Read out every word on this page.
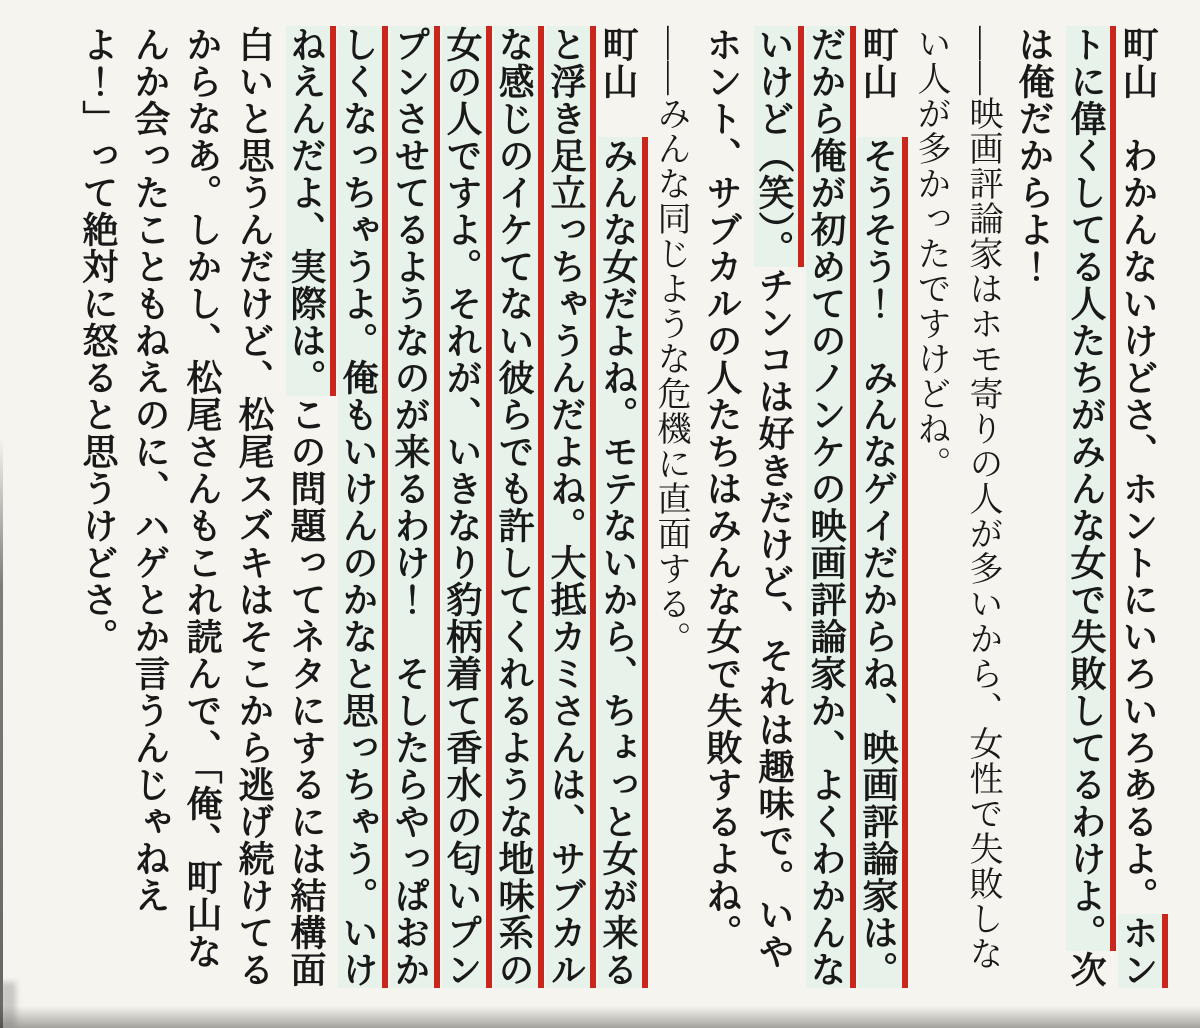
町山　わかんないけどさ、ホントにいろいろあるよ。ホントに偉くしてる人たちがみんな女で失敗してるわけよ。次は俺だからよ！

――映画評論家はホモ寄りの人が多いから、女性で失敗しない人が多かったですけどね。

町山　そうそう！　みんなゲイだからね、映画評論家は。だから俺が初めてのノンケの映画評論家か、よくわかんないけど（笑）。チンコは好きだけど、それは趣味で。いやホント、サブカルの人たちはみんな女で失敗するよね。

――みんな同じような危機に直面する。

町山　みんな女だよね。モテないから、ちょっと女が来ると浮き足立っちゃうんだよね。大抵カミさんは、サブカルな感じのイケてない彼らでも許してくれるような地味系の女の人ですよ。それが、いきなり豹柄着て香水の匂いプンプンさせてるようなのが来るわけ！　そしたらやっぱおかしくなっちゃうよ。俺もいけんのかなと思っちゃう。いけねえんだよ、実際は。この問題ってネタにするには結構面白いと思うんだけど、松尾スズキはそこから逃げ続けてるからなあ。しかし、松尾さんもこれ読んで、「俺、町山なんか会ったこともねえのに、ハゲとか言うんじゃねえよ！」って絶対に怒ると思うけどさ。
